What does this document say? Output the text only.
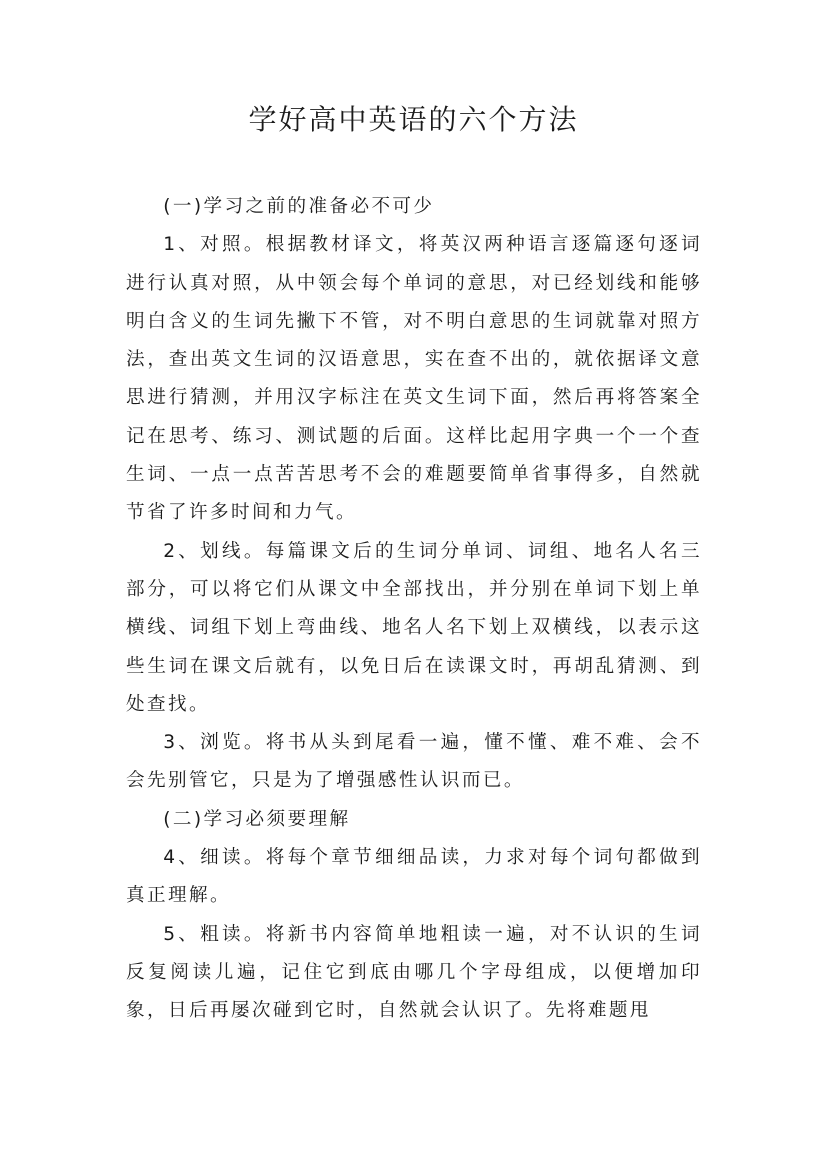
学好高中英语的六个方法

(一)学习之前的准备必不可少

1、对照。根据教材译文，将英汉两种语言逐篇逐句逐词进行认真对照，从中领会每个单词的意思，对已经划线和能够明白含义的生词先撇下不管，对不明白意思的生词就靠对照方法，查出英文生词的汉语意思，实在查不出的，就依据译文意思进行猜测，并用汉字标注在英文生词下面，然后再将答案全记在思考、练习、测试题的后面。这样比起用字典一个一个查生词、一点一点苦苦思考不会的难题要简单省事得多，自然就节省了许多时间和力气。

2、划线。每篇课文后的生词分单词、词组、地名人名三部分，可以将它们从课文中全部找出，并分别在单词下划上单横线、词组下划上弯曲线、地名人名下划上双横线，以表示这些生词在课文后就有，以免日后在读课文时，再胡乱猜测、到处查找。

3、浏览。将书从头到尾看一遍，懂不懂、难不难、会不会先别管它，只是为了增强感性认识而已。

(二)学习必须要理解

4、细读。将每个章节细细品读，力求对每个词句都做到真正理解。

5、粗读。将新书内容简单地粗读一遍，对不认识的生词反复阅读儿遍，记住它到底由哪几个字母组成，以便增加印象，日后再屡次碰到它时，自然就会认识了。先将难题甩
